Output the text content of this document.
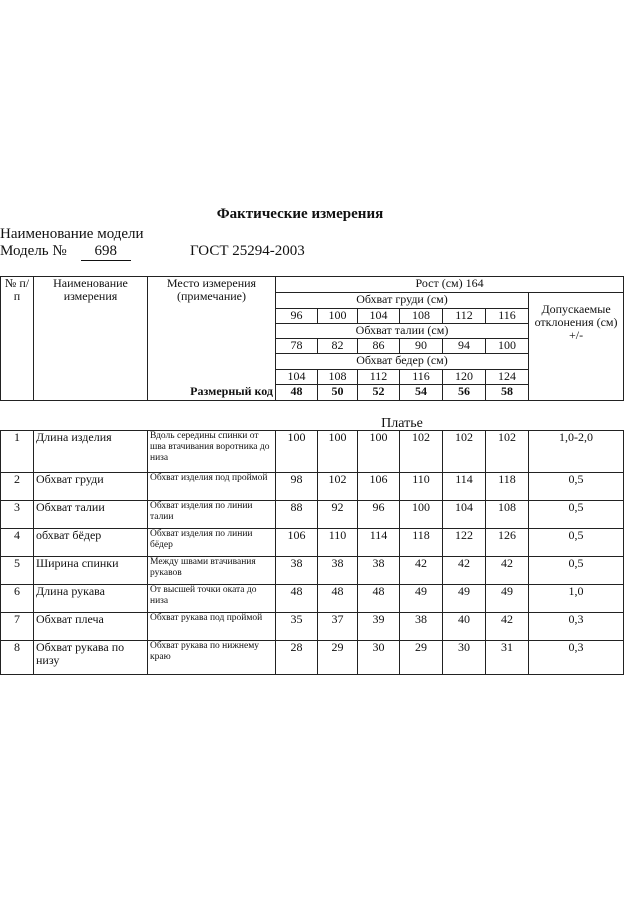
Фактические измерения
Наименование модели
Модель № 698	ГОСТ 25294-2003
№ п/п	Наименование измерения	Место измерения (примечание)	Рост (см) 164						
			Обхват груди (см)						Допускаемые отклонения (см) +/-
			96	100	104	108	112	116	
			Обхват талии (см)						
			78	82	86	90	94	100	
			Обхват бедер (см)						
			104	108	112	116	120	124	
		Размерный код	48	50	52	54	56	58	
			Платье						
1	Длина изделия	Вдоль середины спинки от шва втачивания воротника до низа	100	100	100	102	102	102	1,0-2,0
2	Обхват груди	Обхват изделия под проймой	98	102	106	110	114	118	0,5
3	Обхват талии	Обхват изделия по линии талии	88	92	96	100	104	108	0,5
4	обхват бёдер	Обхват изделия по линии бёдер	106	110	114	118	122	126	0,5
5	Ширина спинки	Между швами втачивания рукавов	38	38	38	42	42	42	0,5
6	Длина рукава	От высшей точки оката до низа	48	48	48	49	49	49	1,0
7	Обхват плеча	Обхват рукава под проймой	35	37	39	38	40	42	0,3
8	Обхват рукава по низу	Обхват рукава по нижнему краю	28	29	30	29	30	31	0,3
